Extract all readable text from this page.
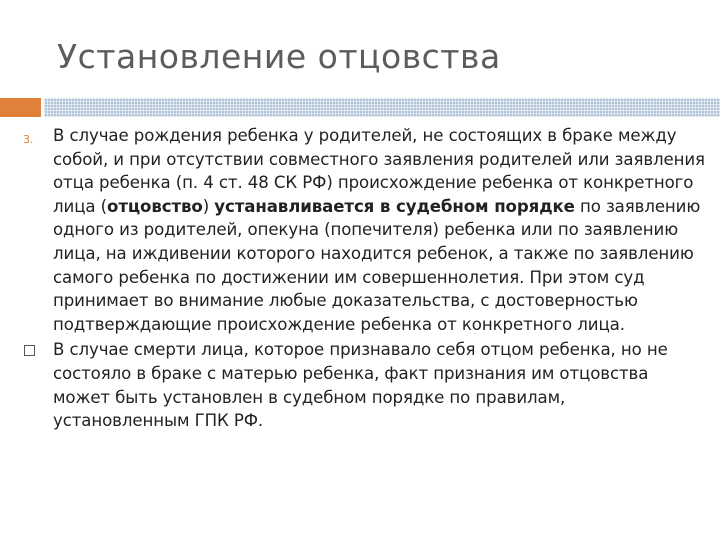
Установление отцовства
3. В случае рождения ребенка у родителей, не состоящих в браке между собой, и при отсутствии совместного заявления родителей или заявления отца ребенка (п. 4 ст. 48 СК РФ) происхождение ребенка от конкретного лица (отцовство) устанавливается в судебном порядке по заявлению одного из родителей, опекуна (попечителя) ребенка или по заявлению лица, на иждивении которого находится ребенок, а также по заявлению самого ребенка по достижении им совершеннолетия. При этом суд принимает во внимание любые доказательства, с достоверностью подтверждающие происхождение ребенка от конкретного лица.
В случае смерти лица, которое признавало себя отцом ребенка, но не состояло в браке с матерью ребенка, факт признания им отцовства может быть установлен в судебном порядке по правилам, установленным ГПК РФ.
